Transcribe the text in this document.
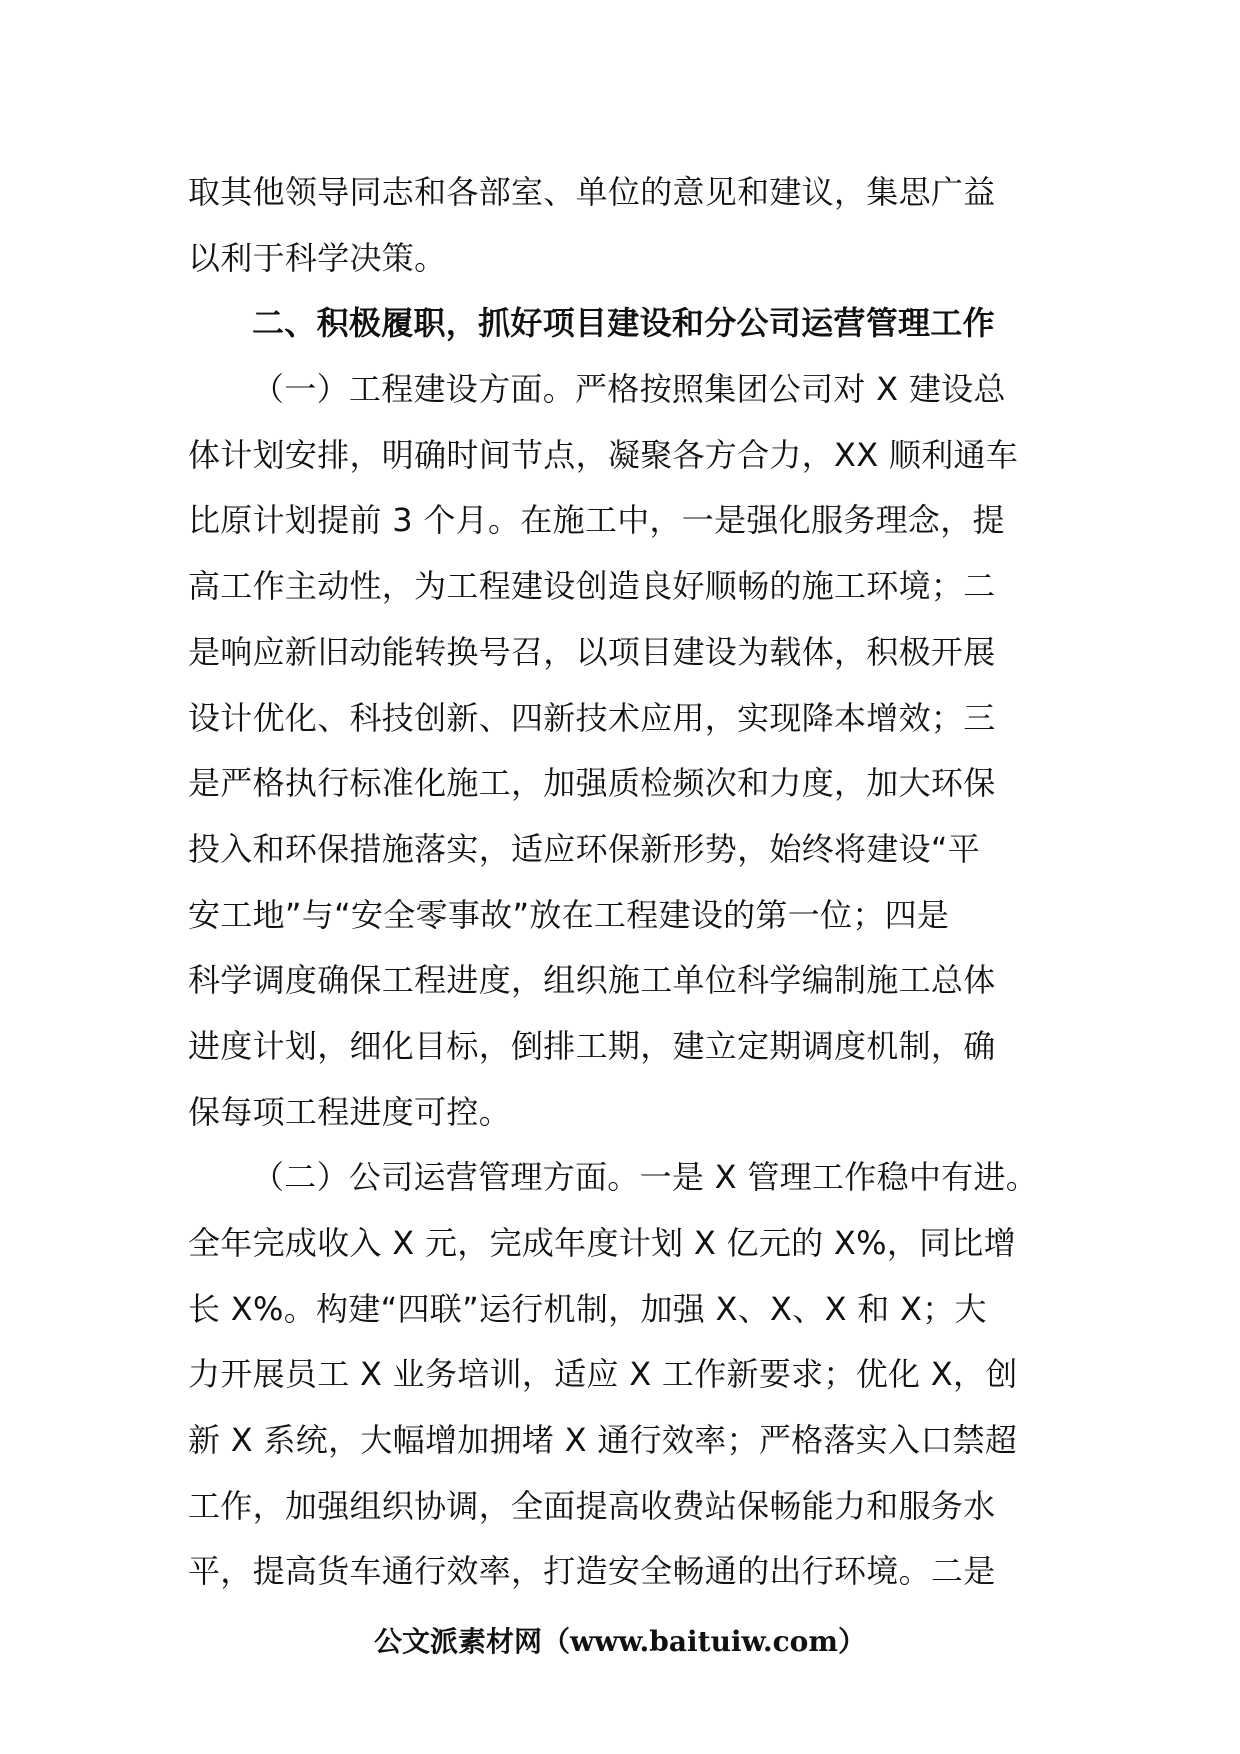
取其他领导同志和各部室、单位的意见和建议，集思广益
以利于科学决策。
二、积极履职，抓好项目建设和分公司运营管理工作
（一）工程建设方面。严格按照集团公司对 X 建设总
体计划安排，明确时间节点，凝聚各方合力，XX 顺利通车
比原计划提前 3 个月。在施工中，一是强化服务理念，提
高工作主动性，为工程建设创造良好顺畅的施工环境；二
是响应新旧动能转换号召，以项目建设为载体，积极开展
设计优化、科技创新、四新技术应用，实现降本增效；三
是严格执行标准化施工，加强质检频次和力度，加大环保
投入和环保措施落实，适应环保新形势，始终将建设“平
安工地”与“安全零事故”放在工程建设的第一位；四是
科学调度确保工程进度，组织施工单位科学编制施工总体
进度计划，细化目标，倒排工期，建立定期调度机制，确
保每项工程进度可控。
（二）公司运营管理方面。一是 X 管理工作稳中有进。
全年完成收入 X 元，完成年度计划 X 亿元的 X%，同比增
长 X%。构建“四联”运行机制，加强 X、X、X 和 X；大
力开展员工 X 业务培训，适应 X 工作新要求；优化 X，创
新 X 系统，大幅增加拥堵 X 通行效率；严格落实入口禁超
工作，加强组织协调，全面提高收费站保畅能力和服务水
平，提高货车通行效率，打造安全畅通的出行环境。二是
公文派素材网（www.baituiw.com）
